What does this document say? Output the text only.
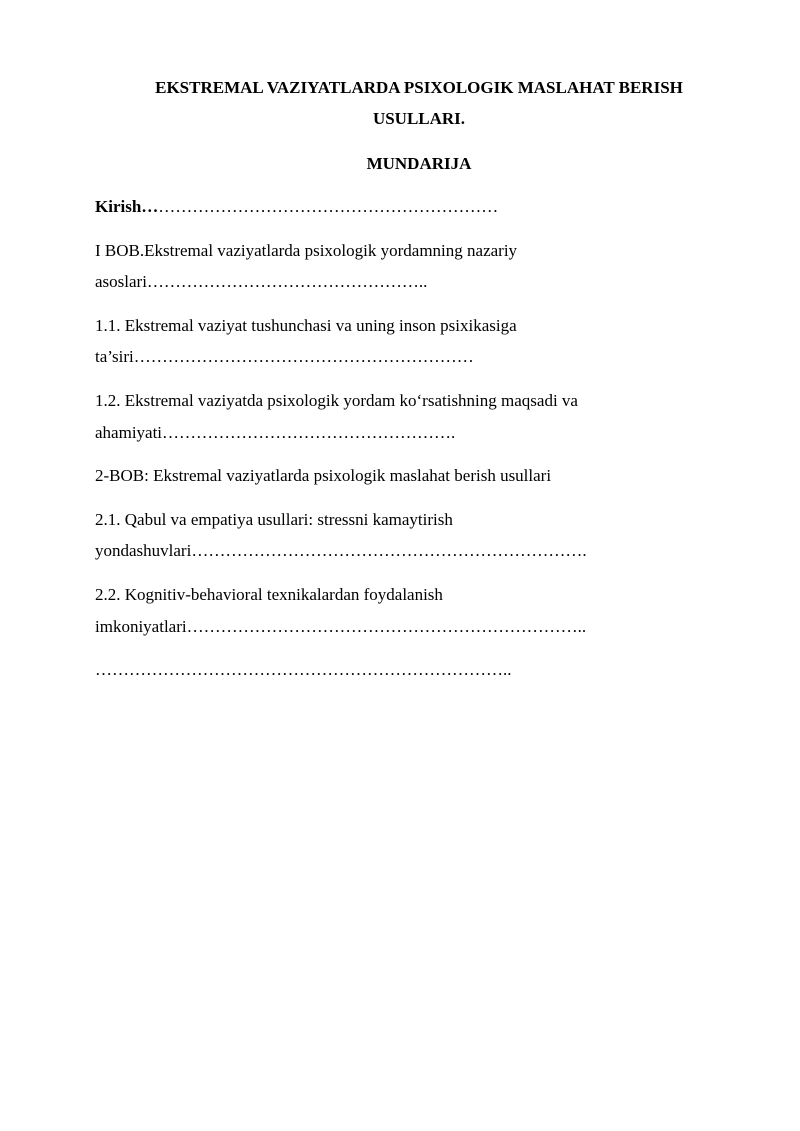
EKSTREMAL VAZIYATLARDA PSIXOLOGIK MASLAHAT BERISH
USULLARI.
MUNDARIJA

Kirish………………………………………………………

I BOB.Ekstremal vaziyatlarda psixologik yordamning nazariy

asoslari…………………………………………..

1.1. Ekstremal vaziyat tushunchasi va uning inson psixikasiga

ta’siri……………………………………………………

1.2. Ekstremal vaziyatda psixologik yordam ko‘rsatishning maqsadi va

ahamiyati…………………………………………….

2-BOB: Ekstremal vaziyatlarda psixologik maslahat berish usullari

2.1. Qabul va empatiya usullari: stressni kamaytirish

yondashuvlari…………………………………………………………….

2.2. Kognitiv-behavioral texnikalardan foydalanish

imkoniyatlari……………………………………………………………..

………………………………………………………………..
